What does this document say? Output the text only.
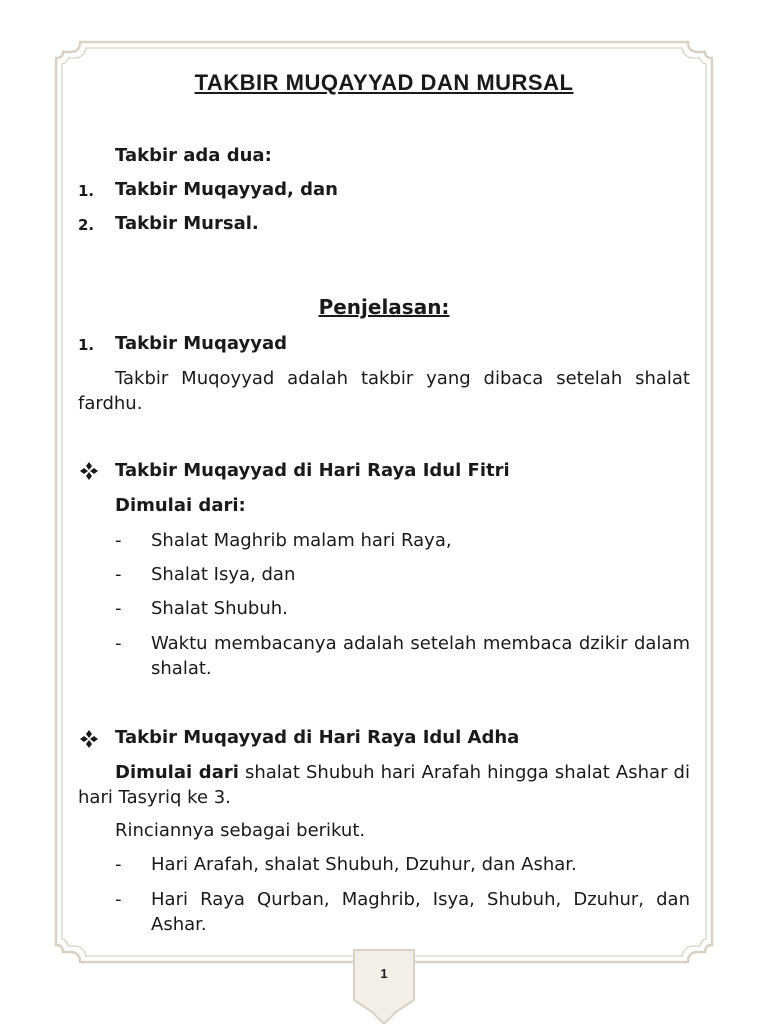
TAKBIR MUQAYYAD DAN MURSAL
Takbir ada dua:
1. Takbir Muqayyad, dan
2. Takbir Mursal.
Penjelasan:
1. Takbir Muqayyad
Takbir Muqoyyad adalah takbir yang dibaca setelah shalat fardhu.
Takbir Muqayyad di Hari Raya Idul Fitri
Dimulai dari:
- Shalat Maghrib malam hari Raya,
- Shalat Isya, dan
- Shalat Shubuh.
- Waktu membacanya adalah setelah membaca dzikir dalam shalat.
Takbir Muqayyad di Hari Raya Idul Adha
Dimulai dari shalat Shubuh hari Arafah hingga shalat Ashar di hari Tasyriq ke 3.
Rinciannya sebagai berikut.
- Hari Arafah, shalat Shubuh, Dzuhur, dan Ashar.
- Hari Raya Qurban, Maghrib, Isya, Shubuh, Dzuhur, dan Ashar.
1
